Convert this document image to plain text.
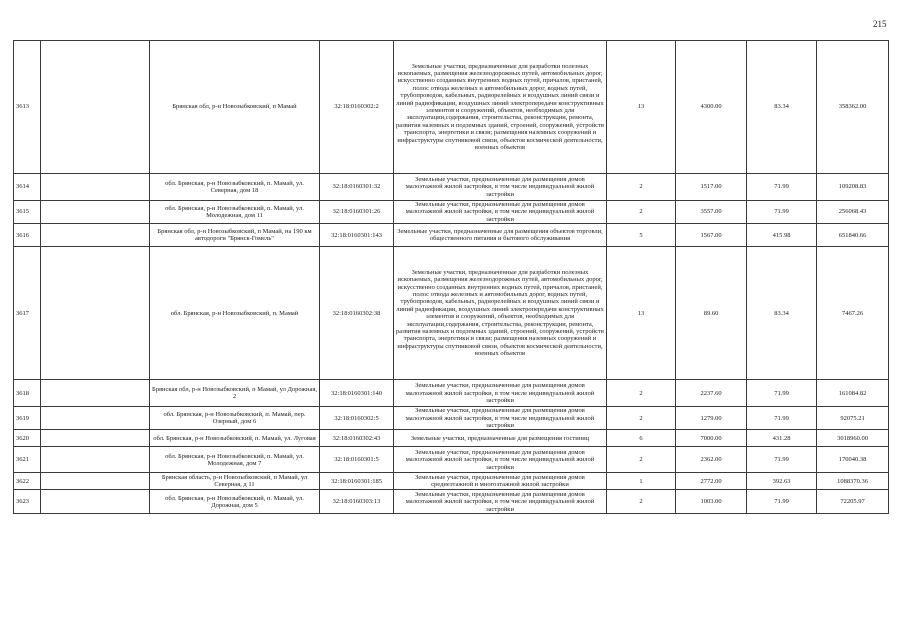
215
3613		Брянская обл, р-н Новозыбковский, п Мамай	32:18:0160302:2	Земельные участки, предназначенные для разработки полезных ископаемых, размещения железнодорожных путей, автомобильных дорог, искусственно созданных внутренних водных путей, причалов, пристаней, полос отвода железных и автомобильных дорог, водных путей, трубопроводов, кабельных, радиорелейных и воздушных линий связи и линий радиофикации, воздушных линий электропередачи конструктивных элементов и сооружений, объектов, необходимых для эксплуатации,содержания, строительства, реконструкции, ремонта, развития наземных и подземных зданий, строений, сооружений, устройств транспорта, энергетики и связи; размещения наземных сооружений и инфраструктуры спутниковой связи, объектов космической деятельности, военных объектов	13	4300.00	83.34	358362.00
3614		обл. Брянская, р-н Новозыбковский, п. Мамай, ул. Северная, дом 18	32:18:0160301:32	Земельные участки, предназначенные для размещения домов малоэтажной жилой застройки, в том числе индивидуальной жилой застройки	2	1517.00	71.99	109208.83
3615		обл. Брянская, р-н Новозыбковский, п. Мамай, ул. Молодежная, дом 11	32:18:0160301:26	Земельные участки, предназначенные для размещения домов малоэтажной жилой застройки, в том числе индивидуальной жилой застройки	2	3557.00	71.99	256068.43
3616		Брянская обл, р-н Новозыбковский, п Мамай, на 190 км автодороги "Брянск-Гомель"	32:18:0160301:143	Земельные участки, предназначенные для размещения объектов торговли, общественного питания и бытового обслуживания	5	1567.00	415.98	651840.66
3617		обл. Брянская, р-н Новозыбковский, п. Мамай	32:18:0160302:38	Земельные участки, предназначенные для разработки полезных ископаемых, размещения железнодорожных путей, автомобильных дорог, искусственно созданных внутренних водных путей, причалов, пристаней, полос отвода железных и автомобильных дорог, водных путей, трубопроводов, кабельных, радиорелейных и воздушных линий связи и линий радиофикации, воздушных линий электропередачи конструктивных элементов и сооружений, объектов, необходимых для эксплуатации,содержания, строительства, реконструкции, ремонта, развития наземных и подземных зданий, строений, сооружений, устройств транспорта, энергетики и связи; размещения наземных сооружений и инфраструктуры спутниковой связи, объектов космической деятельности, военных объектов	13	89.60	83.34	7467.26
3618		Брянская обл, р-н Новозыбковский, п Мамай, ул Дорожная, 2	32:18:0160301:140	Земельные участки, предназначенные для размещения домов малоэтажной жилой застройки, в том числе индивидуальной жилой застройки	2	2237.60	71.99	161084.82
3619		обл. Брянская, р-н Новозыбковский, п. Мамай, пер. Озерный, дом 6	32:18:0160302:5	Земельные участки, предназначенные для размещения домов малоэтажной жилой застройки, в том числе индивидуальной жилой застройки	2	1279.00	71.99	92075.21
3620		обл. Брянская, р-н Новозыбковский, п. Мамай, ул. Луговая	32:18:0160302:43	Земельные участки, предназначенные для размещения гостиниц	6	7000.00	431.28	3018960.00
3621		обл. Брянская, р-н Новозыбковский, п. Мамай, ул. Молодежная, дом 7	32:18:0160301:5	Земельные участки, предназначенные для размещения домов малоэтажной жилой застройки, в том числе индивидуальной жилой застройки	2	2362.00	71.99	170040.38
3622		Брянская область, р-н Новозыбковский, п Мамай, ул Северная, д 11	32:18:0160301:185	Земельные участки, предназначенные для размещения домов среднеэтажной и многоэтажной жилой застройки	1	2772.00	392.63	1088370.36
3623		обл. Брянская, р-н Новозыбковский, п. Мамай, ул. Дорожная, дом 5	32:18:0160303:13	Земельные участки, предназначенные для размещения домов малоэтажной жилой застройки, в том числе индивидуальной жилой застройки	2	1003.00	71.99	72205.97
